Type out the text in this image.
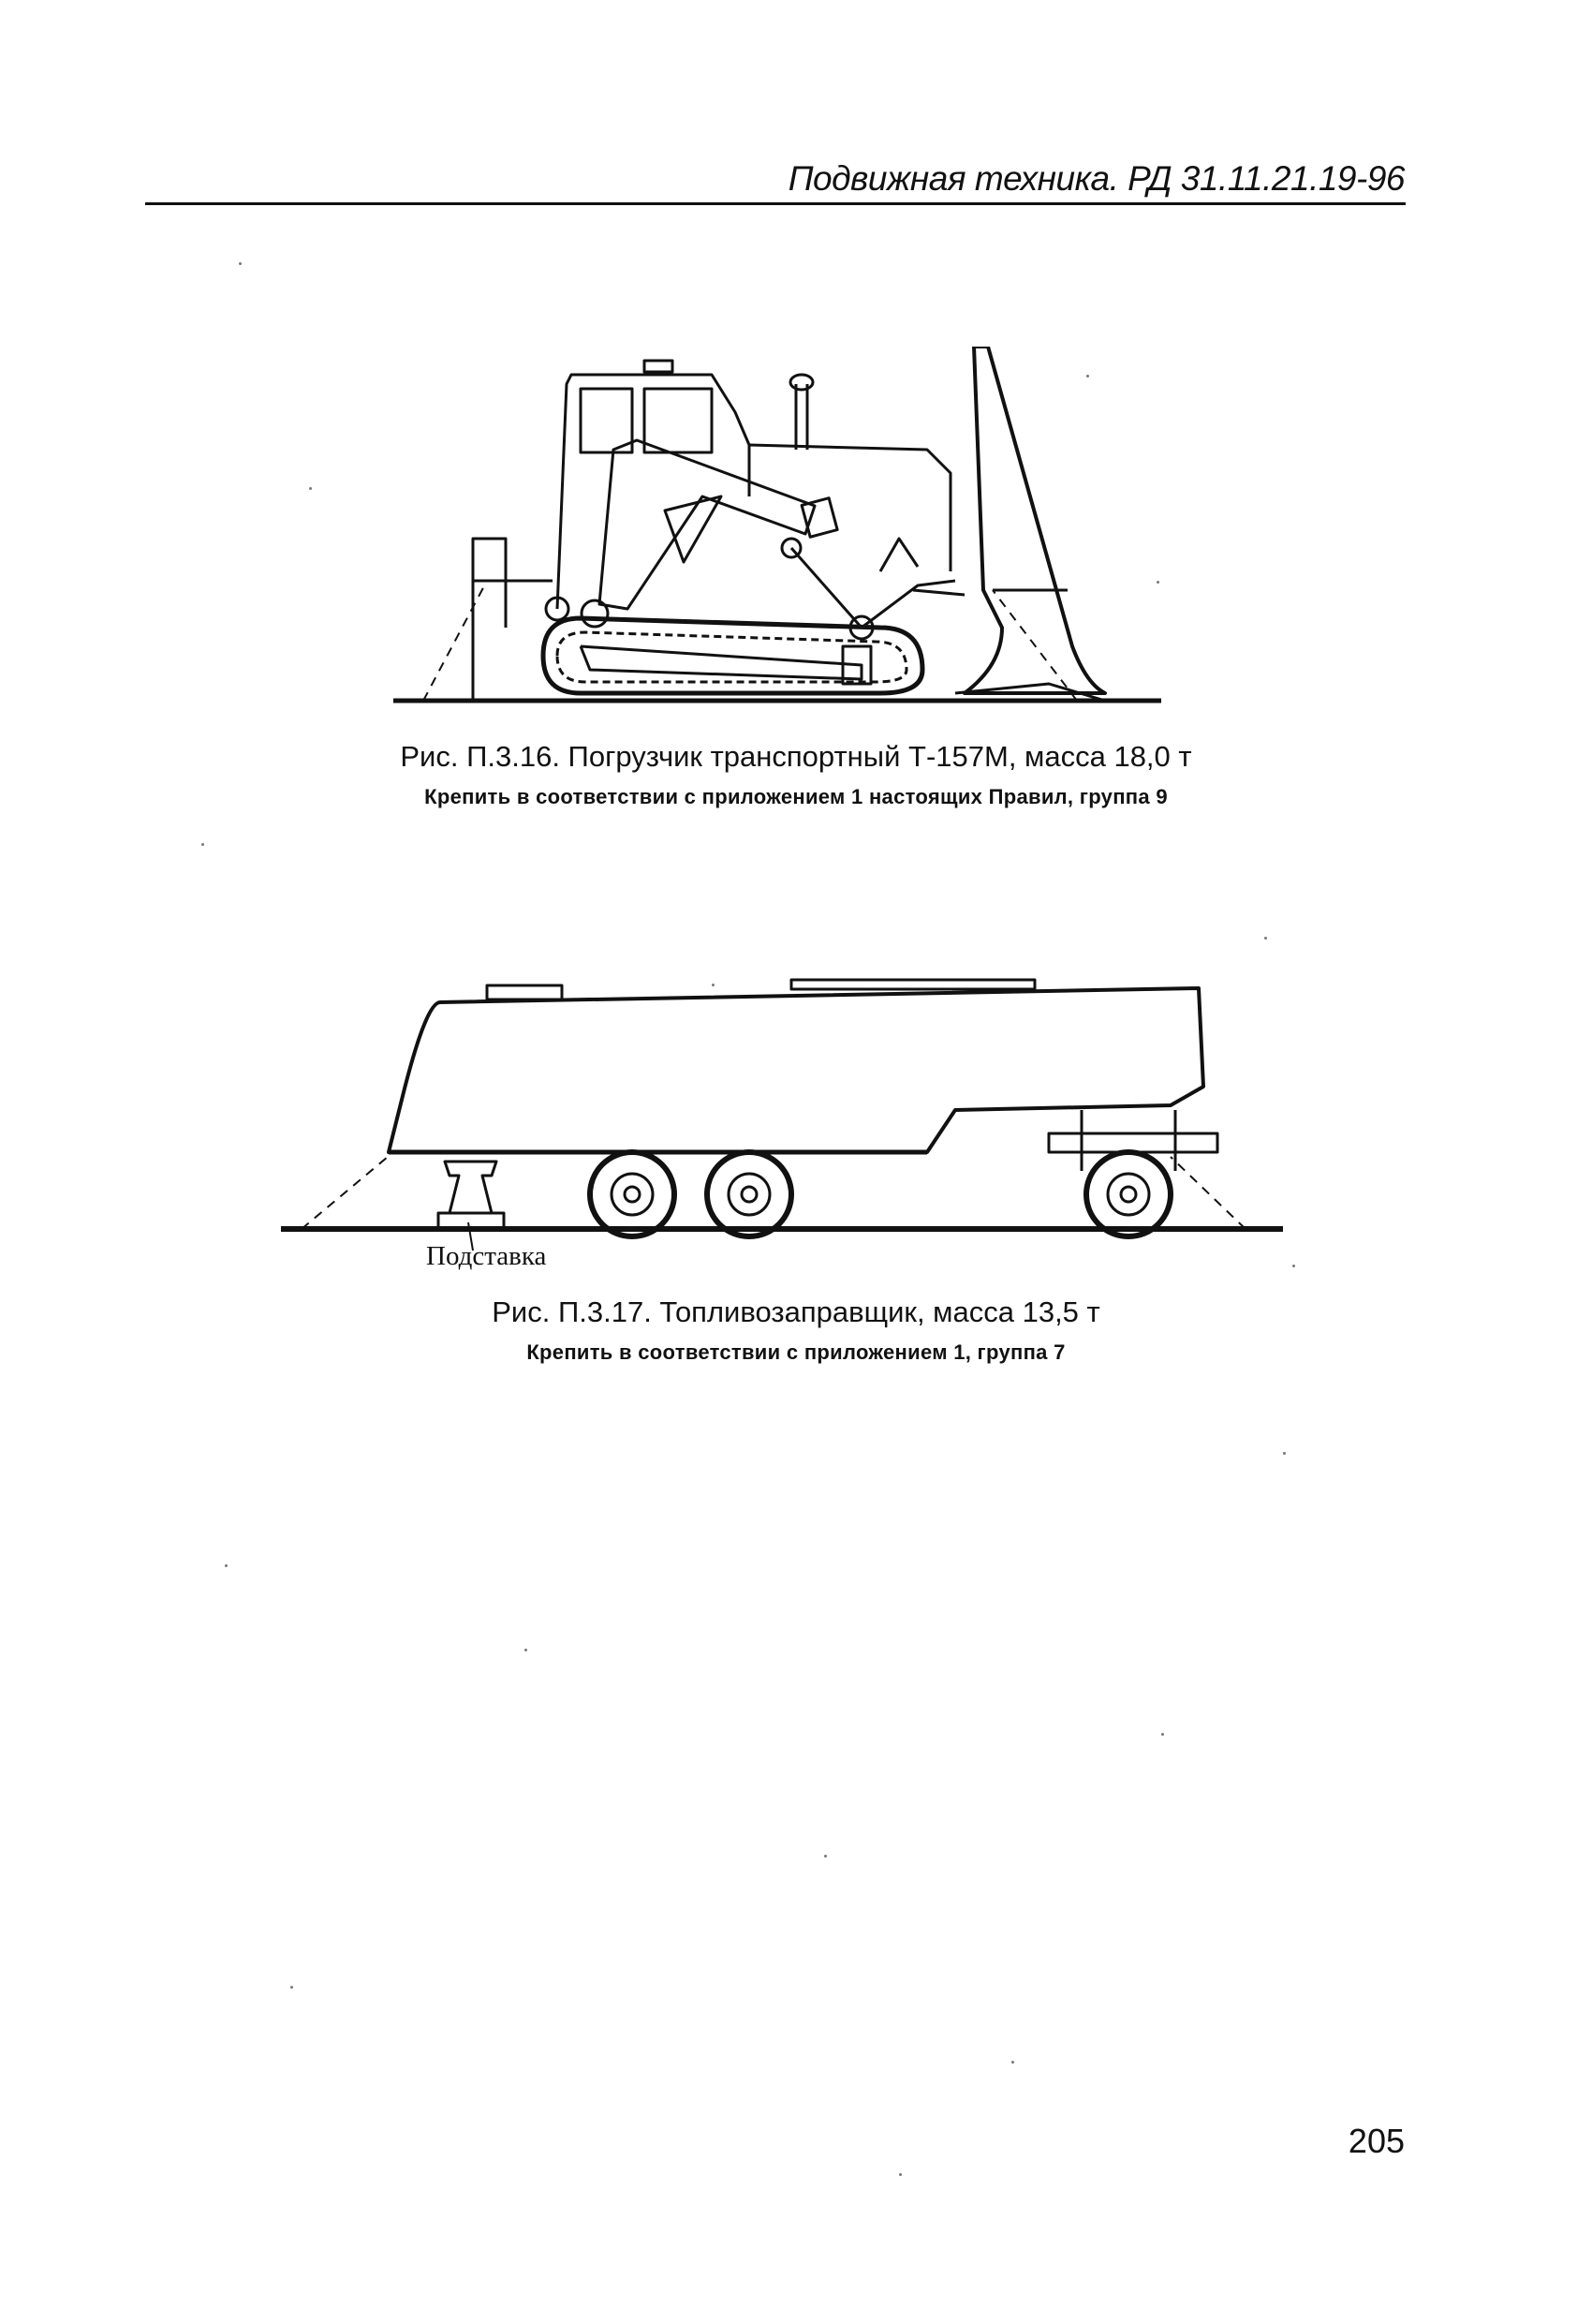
Подвижная техника. РД 31.11.21.19-96
Рис. П.3.16. Погрузчик транспортный Т-157М, масса 18,0 т
Крепить в соответствии с приложением 1 настоящих Правил, группа 9
Подставка
Рис. П.3.17. Топливозаправщик, масса 13,5 т
Крепить в соответствии с приложением 1, группа 7
205
